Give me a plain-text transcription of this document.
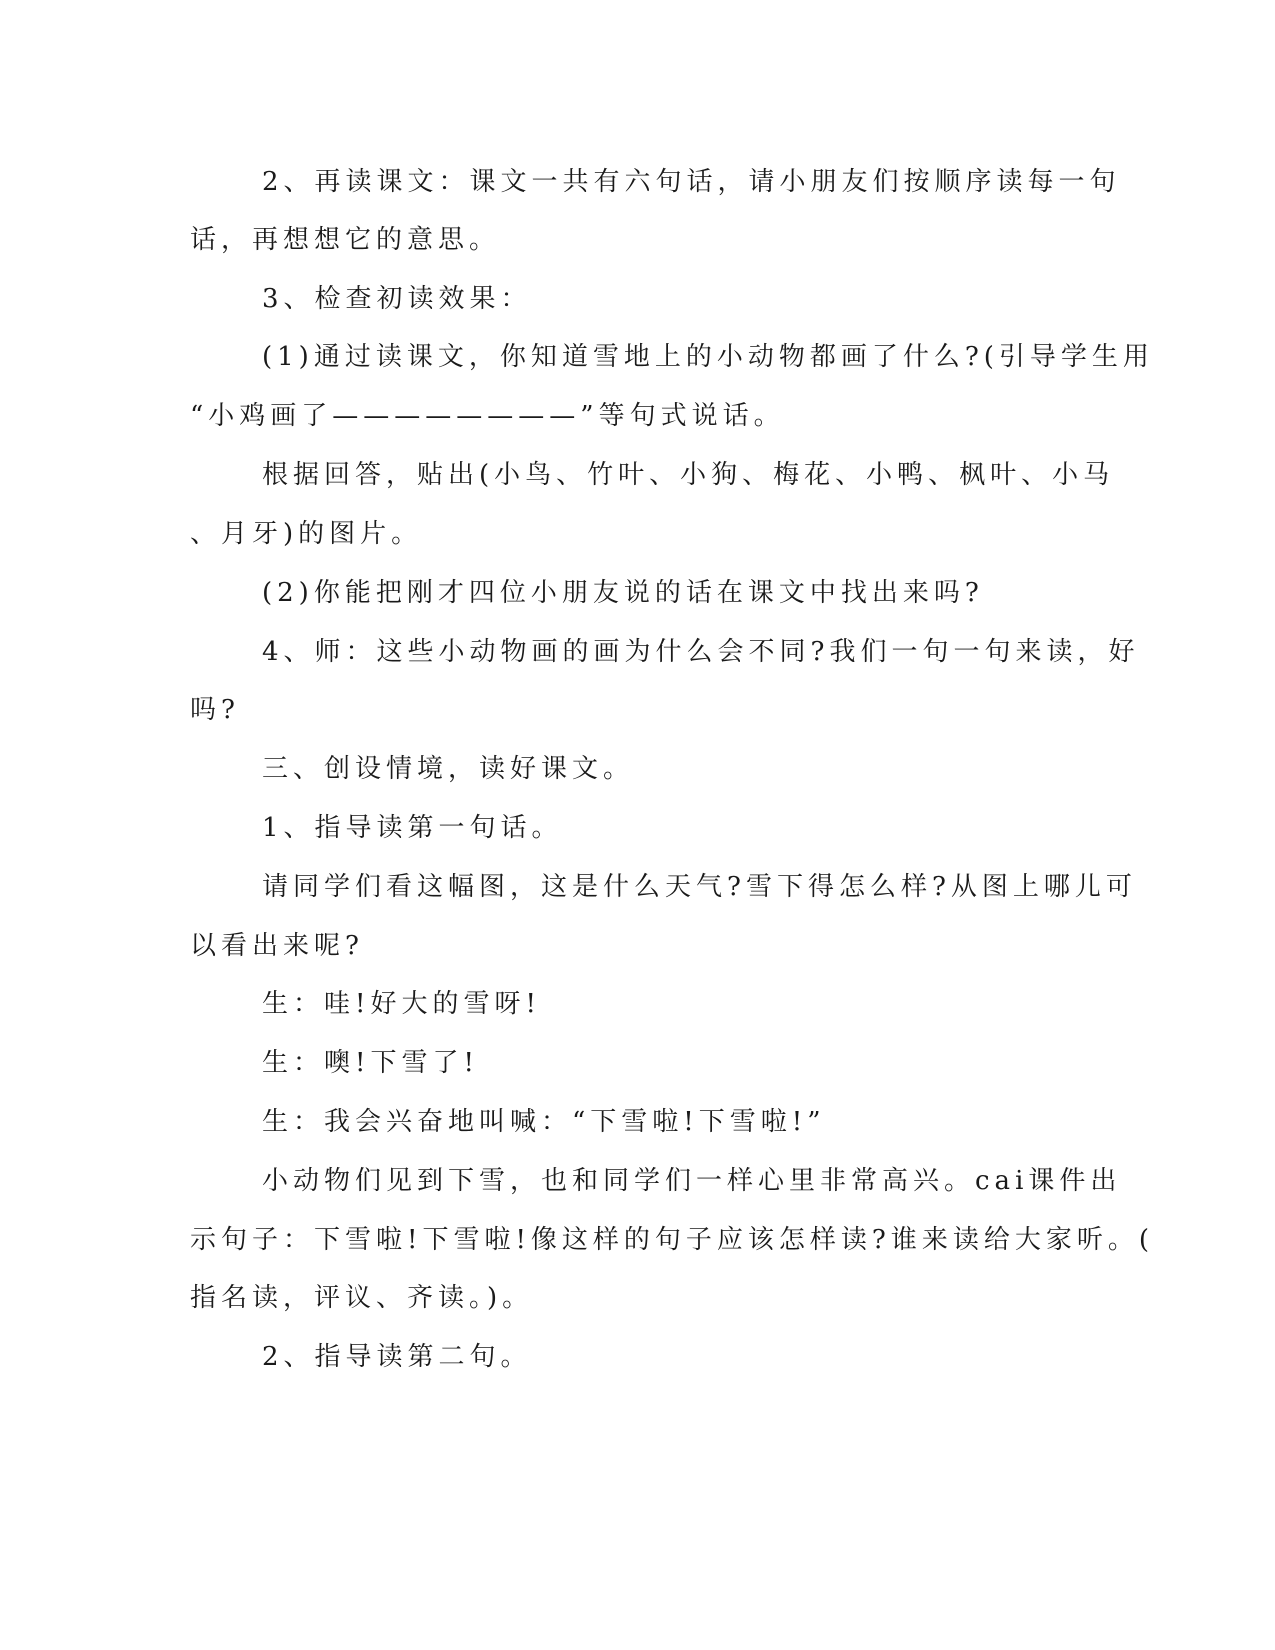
2、再读课文：课文一共有六句话，请小朋友们按顺序读每一句
话，再想想它的意思。
3、检查初读效果：
(1)通过读课文，你知道雪地上的小动物都画了什么?(引导学生用
“小鸡画了————————”等句式说话。
根据回答，贴出(小鸟、竹叶、小狗、梅花、小鸭、枫叶、小马
、月牙)的图片。
(2)你能把刚才四位小朋友说的话在课文中找出来吗?
4、师：这些小动物画的画为什么会不同?我们一句一句来读，好
吗?
三、创设情境，读好课文。
1、指导读第一句话。
请同学们看这幅图，这是什么天气?雪下得怎么样?从图上哪儿可
以看出来呢?
生：哇!好大的雪呀!
生：噢!下雪了!
生：我会兴奋地叫喊：“下雪啦!下雪啦!”
小动物们见到下雪，也和同学们一样心里非常高兴。cai课件出
示句子：下雪啦!下雪啦!像这样的句子应该怎样读?谁来读给大家听。(
指名读，评议、齐读。)。
2、指导读第二句。
